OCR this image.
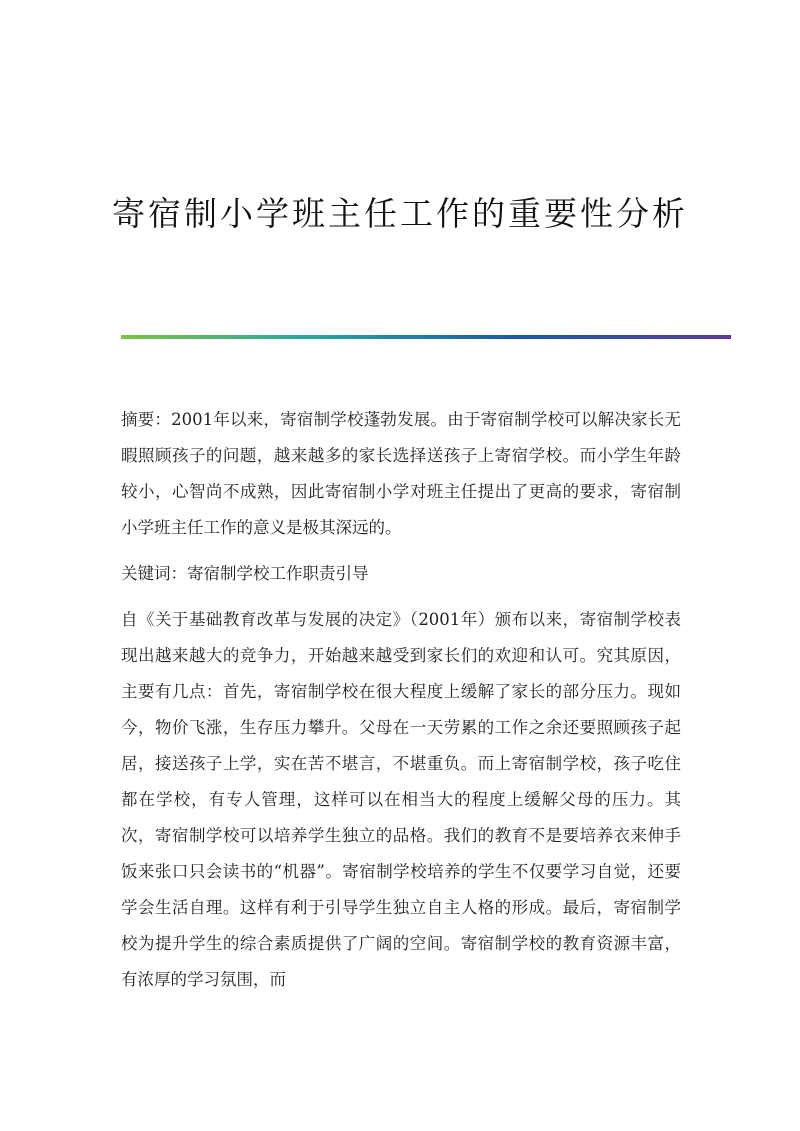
寄宿制小学班主任工作的重要性分析

摘要：2001年以来，寄宿制学校蓬勃发展。由于寄宿制学校可以解决家长无暇照顾孩子的问题，越来越多的家长选择送孩子上寄宿学校。而小学生年龄较小，心智尚不成熟，因此寄宿制小学对班主任提出了更高的要求，寄宿制小学班主任工作的意义是极其深远的。

关键词：寄宿制学校工作职责引导

自《关于基础教育改革与发展的决定》（2001年）颁布以来，寄宿制学校表现出越来越大的竞争力，开始越来越受到家长们的欢迎和认可。究其原因，主要有几点：首先，寄宿制学校在很大程度上缓解了家长的部分压力。现如今，物价飞涨，生存压力攀升。父母在一天劳累的工作之余还要照顾孩子起居，接送孩子上学，实在苦不堪言，不堪重负。而上寄宿制学校，孩子吃住都在学校，有专人管理，这样可以在相当大的程度上缓解父母的压力。其次，寄宿制学校可以培养学生独立的品格。我们的教育不是要培养衣来伸手饭来张口只会读书的“机器”。寄宿制学校培养的学生不仅要学习自觉，还要学会生活自理。这样有利于引导学生独立自主人格的形成。最后，寄宿制学校为提升学生的综合素质提供了广阔的空间。寄宿制学校的教育资源丰富，有浓厚的学习氛围，而
